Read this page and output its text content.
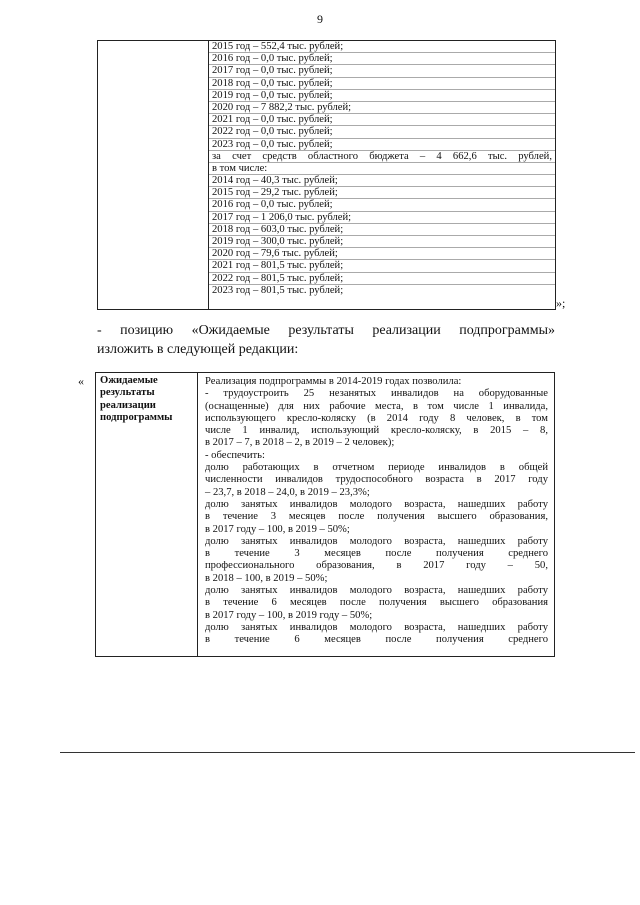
9
2015 год – 552,4 тыс. рублей;
2016 год – 0,0 тыс. рублей;
2017 год – 0,0 тыс. рублей;
2018 год – 0,0 тыс. рублей;
2019 год – 0,0 тыс. рублей;
2020 год – 7 882,2 тыс. рублей;
2021 год – 0,0 тыс. рублей;
2022 год – 0,0 тыс. рублей;
2023 год – 0,0 тыс. рублей;
за счет средств областного бюджета – 4 662,6 тыс. рублей,
в том числе:
2014 год – 40,3 тыс. рублей;
2015 год – 29,2 тыс. рублей;
2016 год – 0,0 тыс. рублей;
2017 год – 1 206,0 тыс. рублей;
2018 год – 603,0 тыс. рублей;
2019 год – 300,0 тыс. рублей;
2020 год – 79,6 тыс. рублей;
2021 год – 801,5 тыс. рублей;
2022 год – 801,5 тыс. рублей;
2023 год – 801,5 тыс. рублей;
»;
- позицию «Ожидаемые результаты реализации подпрограммы»
изложить в следующей редакции:
« Ожидаемые
результаты
реализации
подпрограммы
Реализация подпрограммы в 2014-2019 годах позволила:
- трудоустроить 25 незанятых инвалидов на оборудованные
(оснащенные) для них рабочие места, в том числе 1 инвалида,
использующего кресло-коляску (в 2014 году 8 человек, в том
числе 1 инвалид, использующий кресло-коляску, в 2015 – 8,
в 2017 – 7, в 2018 – 2, в 2019 – 2 человек);
- обеспечить:
долю работающих в отчетном периоде инвалидов в общей
численности инвалидов трудоспособного возраста в 2017 году
– 23,7, в 2018 – 24,0, в 2019 – 23,3%;
долю занятых инвалидов молодого возраста, нашедших работу
в течение 3 месяцев после получения высшего образования,
в 2017 году – 100, в 2019 – 50%;
долю занятых инвалидов молодого возраста, нашедших работу
в течение 3 месяцев после получения среднего
профессионального образования, в 2017 году – 50,
в 2018 – 100, в 2019 – 50%;
долю занятых инвалидов молодого возраста, нашедших работу
в течение 6 месяцев после получения высшего образования
в 2017 году – 100, в 2019 году – 50%;
долю занятых инвалидов молодого возраста, нашедших работу
в течение 6 месяцев после получения среднего
